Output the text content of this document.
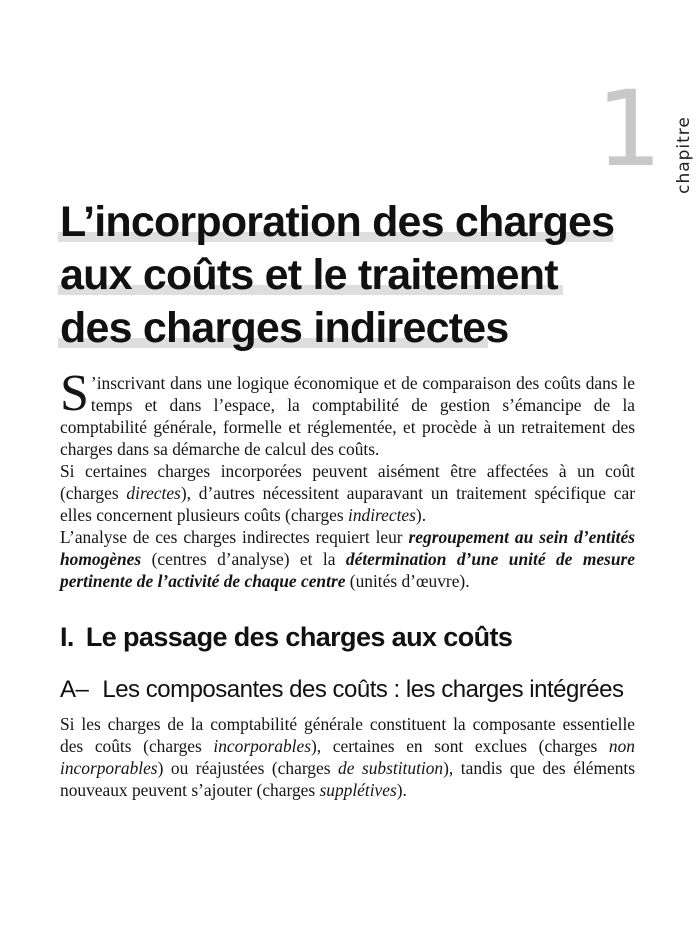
1 chapitre
L’incorporation des charges
aux coûts et le traitement
des charges indirectes

S ’inscrivant dans une logique économique et de comparaison des coûts dans le temps et dans l’espace, la comptabilité de gestion s’émancipe de la comptabilité générale, formelle et réglementée, et procède à un retraitement des charges dans sa démarche de calcul des coûts.

Si certaines charges incorporées peuvent aisément être affectées à un coût (charges directes), d’autres nécessitent auparavant un traitement spécifique car elles concernent plusieurs coûts (charges indirectes).

L’analyse de ces charges indirectes requiert leur regroupement au sein d’entités homogènes (centres d’analyse) et la détermination d’une unité de mesure pertinente de l’activité de chaque centre (unités d’œuvre).

I. Le passage des charges aux coûts
A– Les composantes des coûts : les charges intégrées

Si les charges de la comptabilité générale constituent la composante essentielle des coûts (charges incorporables), certaines en sont exclues (charges non incorporables) ou réajustées (charges de substitution), tandis que des éléments nouveaux peuvent s’ajouter (charges supplétives).
